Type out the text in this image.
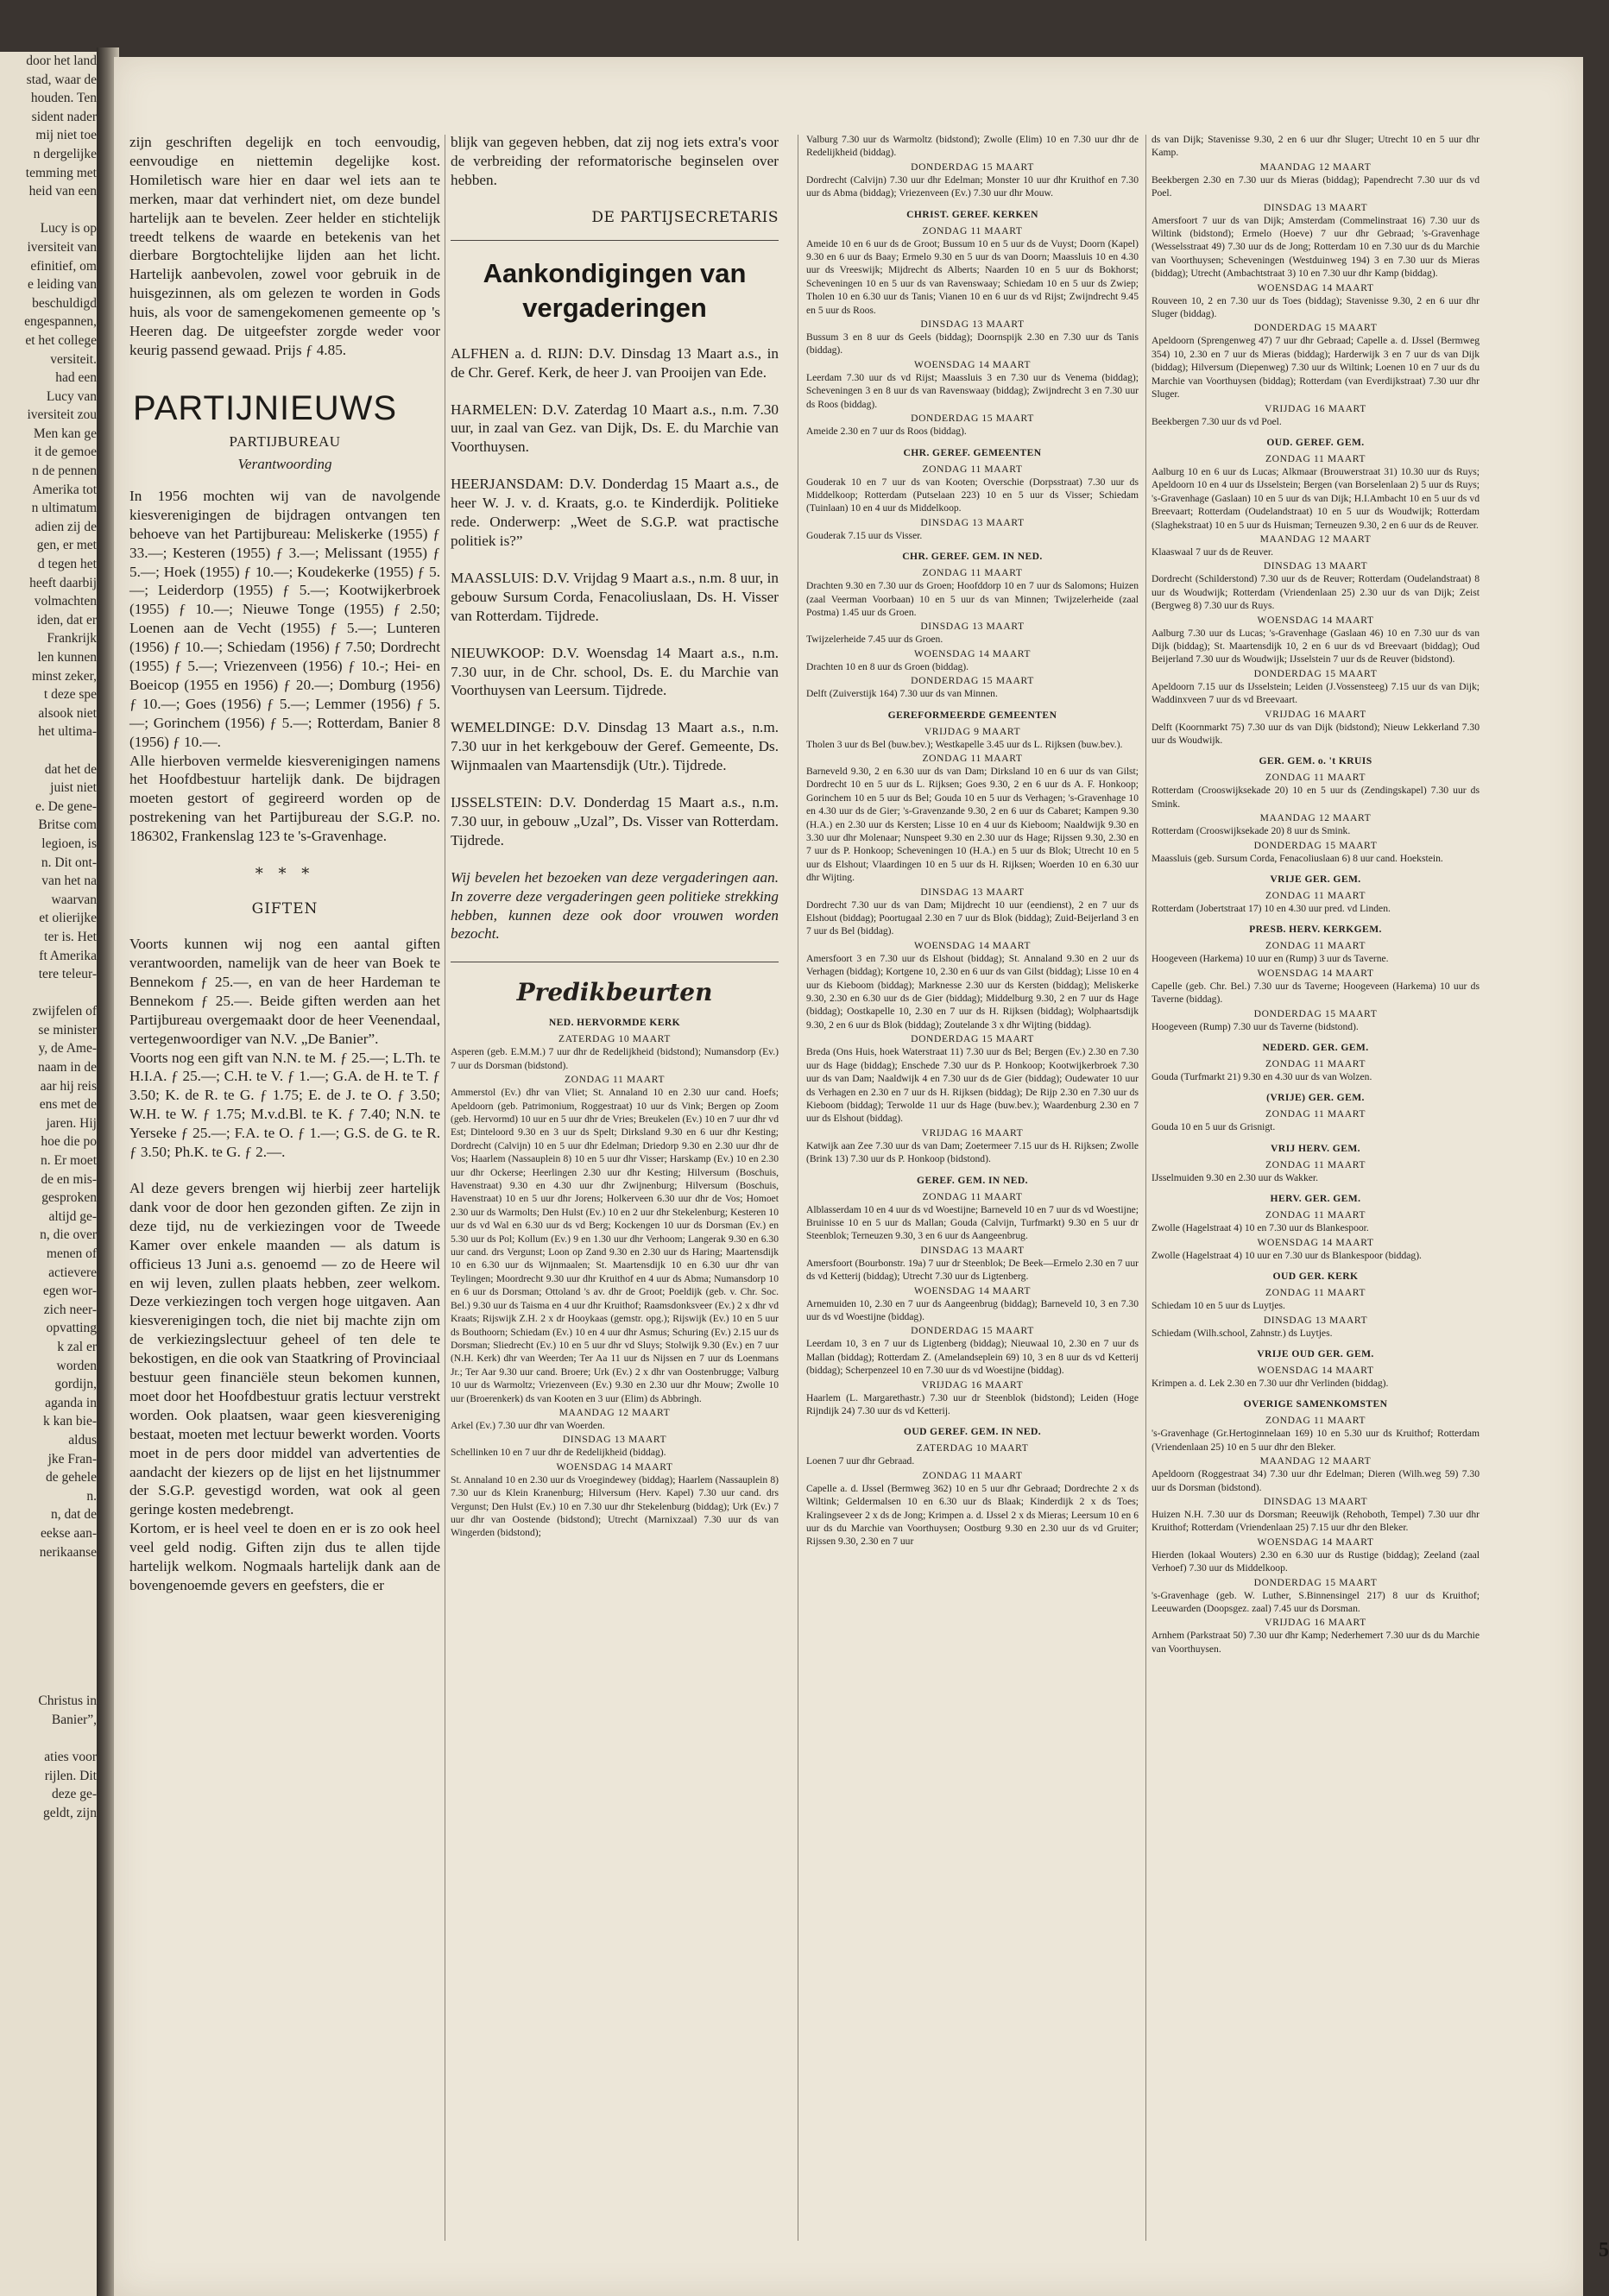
door het land
stad, waar de
houden. Ten
sident nader
mij niet toe
n dergelijke
temming met
heid van een

Lucy is op
iversiteit van
efinitief, om
e leiding van
beschuldigd
engespannen,
et het college
versiteit.
had een
Lucy van
iversiteit zou
Men kan ge
it de gemoe
n de pennen
Amerika tot
n ultimatum
adien zij de
gen, er met
d tegen het
heeft daarbij
volmachten
iden, dat er
Frankrijk
len kunnen
minst zeker,
t deze spe
alsook niet
het ultima-

dat het de
juist niet
e. De gene-
Britse com
legioen, is
n. Dit ont-
van het na
waarvan
et olierijke
ter is. Het
ft Amerika
tere teleur-

zwijfelen of
se minister
y, de Ame-
naam in de
aar hij reis
ens met de
jaren. Hij
hoe die po
n. Er moet
de en mis-
gesproken
altijd ge-
n, die over
menen of
actievere
egen wor-
zich neer-
opvatting
k zal er
worden
gordijn,
aganda in
k kan bie-
aldus
jke Fran-
de gehele
n.
n, dat de
eekse aan-
nerikaanse

Christus in
Banier”,

aties voor
rijlen. Dit
deze ge-
geldt, zijn

zijn geschriften degelijk en toch eenvoudig, eenvoudige en niettemin degelijke kost. Homiletisch ware hier en daar wel iets aan te merken, maar dat verhindert niet, om deze bundel hartelijk aan te bevelen. Zeer helder en stichtelijk treedt telkens de waarde en betekenis van het dierbare Borgtochtelijke lijden aan het licht. Hartelijk aanbevolen, zowel voor gebruik in de huisgezinnen, als om gelezen te worden in Gods huis, als voor de samengekomenen gemeente op 's Heeren dag. De uitgeefster zorgde weder voor keurig passend gewaad. Prijs ƒ 4.85.

PARTIJNIEUWS
PARTIJBUREAU
Verantwoording

In 1956 mochten wij van de navolgende kiesverenigingen de bijdragen ontvangen ten behoeve van het Partijbureau: Meliskerke (1955) ƒ 33.—; Kesteren (1955) ƒ 3.—; Melissant (1955) ƒ 5.—; Hoek (1955) ƒ 10.—; Koudekerke (1955) ƒ 5.—; Leiderdorp (1955) ƒ 5.—; Kootwijkerbroek (1955) ƒ 10.—; Nieuwe Tonge (1955) ƒ 2.50; Loenen aan de Vecht (1955) ƒ 5.—; Lunteren (1956) ƒ 10.—; Schiedam (1956) ƒ 7.50; Dordrecht (1955) ƒ 5.—; Vriezenveen (1956) ƒ 10.-; Hei- en Boeicop (1955 en 1956) ƒ 20.—; Domburg (1956) ƒ 10.—; Goes (1956) ƒ 5.—; Lemmer (1956) ƒ 5.—; Gorinchem (1956) ƒ 5.—; Rotterdam, Banier 8 (1956) ƒ 10.—.

Alle hierboven vermelde kiesverenigingen namens het Hoofdbestuur hartelijk dank. De bijdragen moeten gestort of gegireerd worden op de postrekening van het Partijbureau der S.G.P. no. 186302, Frankenslag 123 te 's-Gravenhage.

* * *
GIFTEN

Voorts kunnen wij nog een aantal giften verantwoorden, namelijk van de heer van Boek te Bennekom ƒ 25.—, en van de heer Hardeman te Bennekom ƒ 25.—. Beide giften werden aan het Partijbureau overgemaakt door de heer Veenendaal, vertegenwoordiger van N.V. „De Banier”.

Voorts nog een gift van N.N. te M. ƒ 25.—; L.Th. te H.I.A. ƒ 25.—; C.H. te V. ƒ 1.—; G.A. de H. te T. ƒ 3.50; K. de R. te G. ƒ 1.75; E. de J. te O. ƒ 3.50; W.H. te W. ƒ 1.75; M.v.d.Bl. te K. ƒ 7.40; N.N. te Yerseke ƒ 25.—; F.A. te O. ƒ 1.—; G.S. de G. te R. ƒ 3.50; Ph.K. te G. ƒ 2.—.

Al deze gevers brengen wij hierbij zeer hartelijk dank voor de door hen gezonden giften. Ze zijn in deze tijd, nu de verkiezingen voor de Tweede Kamer over enkele maanden — als datum is officieus 13 Juni a.s. genoemd — zo de Heere wil en wij leven, zullen plaats hebben, zeer welkom. Deze verkiezingen toch vergen hoge uitgaven. Aan kiesverenigingen toch, die niet bij machte zijn om de verkiezingslectuur geheel of ten dele te bekostigen, en die ook van Staatkring of Provinciaal bestuur geen financiële steun bekomen kunnen, moet door het Hoofdbestuur gratis lectuur verstrekt worden. Ook plaatsen, waar geen kiesvereniging bestaat, moeten met lectuur bewerkt worden. Voorts moet in de pers door middel van advertenties de aandacht der kiezers op de lijst en het lijstnummer der S.G.P. gevestigd worden, wat ook al geen geringe kosten medebrengt.

Kortom, er is heel veel te doen en er is zo ook heel veel geld nodig. Giften zijn dus te allen tijde hartelijk welkom. Nogmaals hartelijk dank aan de bovengenoemde gevers en geefsters, die er

blijk van gegeven hebben, dat zij nog iets extra's voor de verbreiding der reformatorische beginselen over hebben.

DE PARTIJSECRETARIS
Aankondigingen van vergaderingen

ALFHEN a. d. RIJN: D.V. Dinsdag 13 Maart a.s., in de Chr. Geref. Kerk, de heer J. van Prooijen van Ede.

HARMELEN: D.V. Zaterdag 10 Maart a.s., n.m. 7.30 uur, in zaal van Gez. van Dijk, Ds. E. du Marchie van Voorthuysen.

HEERJANSDAM: D.V. Donderdag 15 Maart a.s., de heer W. J. v. d. Kraats, g.o. te Kinderdijk. Politieke rede. Onderwerp: „Weet de S.G.P. wat practische politiek is?”

MAASSLUIS: D.V. Vrijdag 9 Maart a.s., n.m. 8 uur, in gebouw Sursum Corda, Fenacoliuslaan, Ds. H. Visser van Rotterdam. Tijdrede.

NIEUWKOOP: D.V. Woensdag 14 Maart a.s., n.m. 7.30 uur, in de Chr. school, Ds. E. du Marchie van Voorthuysen van Leersum. Tijdrede.

WEMELDINGE: D.V. Dinsdag 13 Maart a.s., n.m. 7.30 uur in het kerkgebouw der Geref. Gemeente, Ds. Wijnmaalen van Maartensdijk (Utr.). Tijdrede.

IJSSELSTEIN: D.V. Donderdag 15 Maart a.s., n.m. 7.30 uur, in gebouw „Uzal”, Ds. Visser van Rotterdam. Tijdrede.

Wij bevelen het bezoeken van deze vergaderingen aan. In zoverre deze vergaderingen geen politieke strekking hebben, kunnen deze ook door vrouwen worden bezocht.

Predikbeurten
NED. HERVORMDE KERK
ZATERDAG 10 MAART

Asperen (geb. E.M.M.) 7 uur dhr de Redelijkheid (bidstond); Numansdorp (Ev.) 7 uur ds Dorsman (bidstond).

ZONDAG 11 MAART

Ammerstol (Ev.) dhr van Vliet; St. Annaland 10 en 2.30 uur cand. Hoefs; Apeldoorn (geb. Patrimonium, Roggestraat) 10 uur ds Vink; Bergen op Zoom (geb. Hervormd) 10 uur en 5 uur dhr de Vries; Breukelen (Ev.) 10 en 7 uur dhr vd Est; Dinteloord 9.30 en 3 uur ds Spelt; Dirksland 9.30 en 6 uur dhr Kesting; Dordrecht (Calvijn) 10 en 5 uur dhr Edelman; Driedorp 9.30 en 2.30 uur dhr de Vos; Haarlem (Nassauplein 8) 10 en 5 uur dhr Visser; Harskamp (Ev.) 10 en 2.30 uur dhr Ockerse; Heerlingen 2.30 uur dhr Kesting; Hilversum (Boschuis, Havenstraat) 9.30 en 4.30 uur dhr Zwijnenburg; Hilversum (Boschuis, Havenstraat) 10 en 5 uur dhr Jorens; Holkerveen 6.30 uur dhr de Vos; Homoet 2.30 uur ds Warmolts; Den Hulst (Ev.) 10 en 2 uur dhr Stekelenburg; Kesteren 10 uur ds vd Wal en 6.30 uur ds vd Berg; Kockengen 10 uur ds Dorsman (Ev.) en 5.30 uur ds Pol; Kollum (Ev.) 9 en 1.30 uur dhr Verhoom; Langerak 9.30 en 6.30 uur cand. drs Vergunst; Loon op Zand 9.30 en 2.30 uur ds Haring; Maartensdijk 10 en 6.30 uur ds Wijnmaalen; St. Maartensdijk 10 en 6.30 uur dhr van Teylingen; Moordrecht 9.30 uur dhr Kruithof en 4 uur ds Abma; Numansdorp 10 en 6 uur ds Dorsman; Ottoland 's av. dhr de Groot; Poeldijk (geb. v. Chr. Soc. Bel.) 9.30 uur ds Taisma en 4 uur dhr Kruithof; Raamsdonksveer (Ev.) 2 x dhr vd Kraats; Rijswijk Z.H. 2 x dr Hooykaas (gemstr. opg.); Rijswijk (Ev.) 10 en 5 uur ds Bouthoorn; Schiedam (Ev.) 10 en 4 uur dhr Asmus; Schuring (Ev.) 2.15 uur ds Dorsman; Sliedrecht (Ev.) 10 en 5 uur dhr vd Sluys; Stolwijk 9.30 (Ev.) en 7 uur (N.H. Kerk) dhr van Weerden; Ter Aa 11 uur ds Nijssen en 7 uur ds Loenmans Jr.; Ter Aar 9.30 uur cand. Broere; Urk (Ev.) 2 x dhr van Oostenbrugge; Valburg 10 uur ds Warmoltz; Vriezenveen (Ev.) 9.30 en 2.30 uur dhr Mouw; Zwolle 10 uur (Broerenkerk) ds van Kooten en 3 uur (Elim) ds Abbringh.

MAANDAG 12 MAART

Arkel (Ev.) 7.30 uur dhr van Woerden.

DINSDAG 13 MAART

Schellinken 10 en 7 uur dhr de Redelijkheid (biddag).

WOENSDAG 14 MAART

St. Annaland 10 en 2.30 uur ds Vroegindewey (biddag); Haarlem (Nassauplein 8) 7.30 uur ds Klein Kranenburg; Hilversum (Herv. Kapel) 7.30 uur cand. drs Vergunst; Den Hulst (Ev.) 10 en 7.30 uur dhr Stekelenburg (biddag); Urk (Ev.) 7 uur dhr van Oostende (bidstond); Utrecht (Marnixzaal) 7.30 uur ds van Wingerden (bidstond);

Valburg 7.30 uur ds Warmoltz (bidstond); Zwolle (Elim) 10 en 7.30 uur dhr de Redelijkheid (biddag).

DONDERDAG 15 MAART

Dordrecht (Calvijn) 7.30 uur dhr Edelman; Monster 10 uur dhr Kruithof en 7.30 uur ds Abma (biddag); Vriezenveen (Ev.) 7.30 uur dhr Mouw.

CHRIST. GEREF. KERKEN
ZONDAG 11 MAART

Ameide 10 en 6 uur ds de Groot; Bussum 10 en 5 uur ds de Vuyst; Doorn (Kapel) 9.30 en 6 uur ds Baay; Ermelo 9.30 en 5 uur ds van Doorn; Maassluis 10 en 4.30 uur ds Vreeswijk; Mijdrecht ds Alberts; Naarden 10 en 5 uur ds Bokhorst; Scheveningen 10 en 5 uur ds van Ravenswaay; Schiedam 10 en 5 uur ds Zwiep; Tholen 10 en 6.30 uur ds Tanis; Vianen 10 en 6 uur ds vd Rijst; Zwijndrecht 9.45 en 5 uur ds Roos.

DINSDAG 13 MAART

Bussum 3 en 8 uur ds Geels (biddag); Doornspijk 2.30 en 7.30 uur ds Tanis (biddag).

WOENSDAG 14 MAART

Leerdam 7.30 uur ds vd Rijst; Maassluis 3 en 7.30 uur ds Venema (biddag); Scheveningen 3 en 8 uur ds van Ravenswaay (biddag); Zwijndrecht 3 en 7.30 uur ds Roos (biddag).

DONDERDAG 15 MAART

Ameide 2.30 en 7 uur ds Roos (biddag).

CHR. GEREF. GEMEENTEN
ZONDAG 11 MAART

Gouderak 10 en 7 uur ds van Kooten; Overschie (Dorpsstraat) 7.30 uur ds Middelkoop; Rotterdam (Putselaan 223) 10 en 5 uur ds Visser; Schiedam (Tuinlaan) 10 en 4 uur ds Middelkoop.

DINSDAG 13 MAART

Gouderak 7.15 uur ds Visser.

CHR. GEREF. GEM. IN NED.
ZONDAG 11 MAART

Drachten 9.30 en 7.30 uur ds Groen; Hoofddorp 10 en 7 uur ds Salomons; Huizen (zaal Veerman Voorbaan) 10 en 5 uur ds van Minnen; Twijzelerheide (zaal Postma) 1.45 uur ds Groen.

DINSDAG 13 MAART

Twijzelerheide 7.45 uur ds Groen.

WOENSDAG 14 MAART

Drachten 10 en 8 uur ds Groen (biddag).

DONDERDAG 15 MAART

Delft (Zuiverstijk 164) 7.30 uur ds van Minnen.

GEREFORMEERDE GEMEENTEN
VRIJDAG 9 MAART

Tholen 3 uur ds Bel (buw.bev.); Westkapelle 3.45 uur ds L. Rijksen (buw.bev.).

ZONDAG 11 MAART

Barneveld 9.30, 2 en 6.30 uur ds van Dam; Dirksland 10 en 6 uur ds van Gilst; Dordrecht 10 en 5 uur ds L. Rijksen; Goes 9.30, 2 en 6 uur ds A. F. Honkoop; Gorinchem 10 en 5 uur ds Bel; Gouda 10 en 5 uur ds Verhagen; 's-Gravenhage 10 en 4.30 uur ds de Gier; 's-Gravenzande 9.30, 2 en 6 uur ds Cabaret; Kampen 9.30 (H.A.) en 2.30 uur ds Kersten; Lisse 10 en 4 uur ds Kieboom; Naaldwijk 9.30 en 3.30 uur dhr Molenaar; Nunspeet 9.30 en 2.30 uur ds Hage; Rijssen 9.30, 2.30 en 7 uur ds P. Honkoop; Scheveningen 10 (H.A.) en 5 uur ds Blok; Utrecht 10 en 5 uur ds Elshout; Vlaardingen 10 en 5 uur ds H. Rijksen; Woerden 10 en 6.30 uur dhr Wijting.

DINSDAG 13 MAART

Dordrecht 7.30 uur ds van Dam; Mijdrecht 10 uur (eendienst), 2 en 7 uur ds Elshout (biddag); Poortugaal 2.30 en 7 uur ds Blok (biddag); Zuid-Beijerland 3 en 7 uur ds Bel (biddag).

WOENSDAG 14 MAART

Amersfoort 3 en 7.30 uur ds Elshout (biddag); St. Annaland 9.30 en 2 uur ds Verhagen (biddag); Kortgene 10, 2.30 en 6 uur ds van Gilst (biddag); Lisse 10 en 4 uur ds Kieboom (biddag); Marknesse 2.30 uur ds Kersten (biddag); Meliskerke 9.30, 2.30 en 6.30 uur ds de Gier (biddag); Middelburg 9.30, 2 en 7 uur ds Hage (biddag); Oostkapelle 10, 2.30 en 7 uur ds H. Rijksen (biddag); Wolphaartsdijk 9.30, 2 en 6 uur ds Blok (biddag); Zoutelande 3 x dhr Wijting (biddag).

DONDERDAG 15 MAART

Breda (Ons Huis, hoek Waterstraat 11) 7.30 uur ds Bel; Bergen (Ev.) 2.30 en 7.30 uur ds Hage (biddag); Enschede 7.30 uur ds P. Honkoop; Kootwijkerbroek 7.30 uur ds van Dam; Naaldwijk 4 en 7.30 uur ds de Gier (biddag); Oudewater 10 uur ds Verhagen en 2.30 en 7 uur ds H. Rijksen (biddag); De Rijp 2.30 en 7.30 uur ds Kieboom (biddag); Terwolde 11 uur ds Hage (buw.bev.); Waardenburg 2.30 en 7 uur ds Elshout (biddag).

VRIJDAG 16 MAART

Katwijk aan Zee 7.30 uur ds van Dam; Zoetermeer 7.15 uur ds H. Rijksen; Zwolle (Brink 13) 7.30 uur ds P. Honkoop (bidstond).

GEREF. GEM. IN NED.
ZONDAG 11 MAART

Alblasserdam 10 en 4 uur ds vd Woestijne; Barneveld 10 en 7 uur ds vd Woestijne; Bruinisse 10 en 5 uur ds Mallan; Gouda (Calvijn, Turfmarkt) 9.30 en 5 uur dr Steenblok; Terneuzen 9.30, 3 en 6 uur ds Aangeenbrug.

DINSDAG 13 MAART

Amersfoort (Bourbonstr. 19a) 7 uur dr Steenblok; De Beek—Ermelo 2.30 en 7 uur ds vd Ketterij (biddag); Utrecht 7.30 uur ds Ligtenberg.

WOENSDAG 14 MAART

Arnemuiden 10, 2.30 en 7 uur ds Aangeenbrug (biddag); Barneveld 10, 3 en 7.30 uur ds vd Woestijne (biddag).

DONDERDAG 15 MAART

Leerdam 10, 3 en 7 uur ds Ligtenberg (biddag); Nieuwaal 10, 2.30 en 7 uur ds Mallan (biddag); Rotterdam Z. (Amelandseplein 69) 10, 3 en 8 uur ds vd Ketterij (biddag); Scherpenzeel 10 en 7.30 uur ds vd Woestijne (biddag).

VRIJDAG 16 MAART

Haarlem (L. Margarethastr.) 7.30 uur dr Steenblok (bidstond); Leiden (Hoge Rijndijk 24) 7.30 uur ds vd Ketterij.

OUD GEREF. GEM. IN NED.
ZATERDAG 10 MAART

Loenen 7 uur dhr Gebraad.

ZONDAG 11 MAART

Capelle a. d. IJssel (Bermweg 362) 10 en 5 uur dhr Gebraad; Dordrechte 2 x ds Wiltink; Geldermalsen 10 en 6.30 uur ds Blaak; Kinderdijk 2 x ds Toes; Kralingseveer 2 x ds de Jong; Krimpen a. d. IJssel 2 x ds Mieras; Leersum 10 en 6 uur ds du Marchie van Voorthuysen; Oostburg 9.30 en 2.30 uur ds vd Gruiter; Rijssen 9.30, 2.30 en 7 uur

ds van Dijk; Stavenisse 9.30, 2 en 6 uur dhr Sluger; Utrecht 10 en 5 uur dhr Kamp.

MAANDAG 12 MAART

Beekbergen 2.30 en 7.30 uur ds Mieras (biddag); Papendrecht 7.30 uur ds vd Poel.

DINSDAG 13 MAART

Amersfoort 7 uur ds van Dijk; Amsterdam (Commelinstraat 16) 7.30 uur ds Wiltink (bidstond); Ermelo (Hoeve) 7 uur dhr Gebraad; 's-Gravenhage (Wesselsstraat 49) 7.30 uur ds de Jong; Rotterdam 10 en 7.30 uur ds du Marchie van Voorthuysen; Scheveningen (Westduinweg 194) 3 en 7.30 uur ds Mieras (biddag); Utrecht (Ambachtstraat 3) 10 en 7.30 uur dhr Kamp (biddag).

WOENSDAG 14 MAART

Rouveen 10, 2 en 7.30 uur ds Toes (biddag); Stavenisse 9.30, 2 en 6 uur dhr Sluger (biddag).

DONDERDAG 15 MAART

Apeldoorn (Sprengenweg 47) 7 uur dhr Gebraad; Capelle a. d. IJssel (Bermweg 354) 10, 2.30 en 7 uur ds Mieras (biddag); Harderwijk 3 en 7 uur ds van Dijk (biddag); Hilversum (Diepenweg) 7.30 uur ds Wiltink; Loenen 10 en 7 uur ds du Marchie van Voorthuysen (biddag); Rotterdam (van Everdijkstraat) 7.30 uur dhr Sluger.

VRIJDAG 16 MAART

Beekbergen 7.30 uur ds vd Poel.

OUD. GEREF. GEM.
ZONDAG 11 MAART

Aalburg 10 en 6 uur ds Lucas; Alkmaar (Brouwerstraat 31) 10.30 uur ds Ruys; Apeldoorn 10 en 4 uur ds IJsselstein; Bergen (van Borselenlaan 2) 5 uur ds Ruys; 's-Gravenhage (Gaslaan) 10 en 5 uur ds van Dijk; H.I.Ambacht 10 en 5 uur ds vd Breevaart; Rotterdam (Oudelandstraat) 10 en 5 uur ds Woudwijk; Rotterdam (Slaghekstraat) 10 en 5 uur ds Huisman; Terneuzen 9.30, 2 en 6 uur ds de Reuver.

MAANDAG 12 MAART

Klaaswaal 7 uur ds de Reuver.

DINSDAG 13 MAART

Dordrecht (Schilderstond) 7.30 uur ds de Reuver; Rotterdam (Oudelandstraat) 8 uur ds Woudwijk; Rotterdam (Vriendenlaan 25) 2.30 uur ds van Dijk; Zeist (Bergweg 8) 7.30 uur ds Ruys.

WOENSDAG 14 MAART

Aalburg 7.30 uur ds Lucas; 's-Gravenhage (Gaslaan 46) 10 en 7.30 uur ds van Dijk (biddag); St. Maartensdijk 10, 2 en 6 uur ds vd Breevaart (biddag); Oud Beijerland 7.30 uur ds Woudwijk; IJsselstein 7 uur ds de Reuver (bidstond).

DONDERDAG 15 MAART

Apeldoorn 7.15 uur ds IJsselstein; Leiden (J.Vossensteeg) 7.15 uur ds van Dijk; Waddinxveen 7 uur ds vd Breevaart.

VRIJDAG 16 MAART

Delft (Koornmarkt 75) 7.30 uur ds van Dijk (bidstond); Nieuw Lekkerland 7.30 uur ds Woudwijk.

GER. GEM. o. 't KRUIS
ZONDAG 11 MAART

Rotterdam (Crooswijksekade 20) 10 en 5 uur ds (Zendingskapel) 7.30 uur ds Smink.

MAANDAG 12 MAART

Rotterdam (Crooswijksekade 20) 8 uur ds Smink.

DONDERDAG 15 MAART

Maassluis (geb. Sursum Corda, Fenacoliuslaan 6) 8 uur cand. Hoekstein.

VRIJE GER. GEM.
ZONDAG 11 MAART

Rotterdam (Jobertstraat 17) 10 en 4.30 uur pred. vd Linden.

PRESB. HERV. KERKGEM.
ZONDAG 11 MAART

Hoogeveen (Harkema) 10 uur en (Rump) 3 uur ds Taverne.

WOENSDAG 14 MAART

Capelle (geb. Chr. Bel.) 7.30 uur ds Taverne; Hoogeveen (Harkema) 10 uur ds Taverne (biddag).

DONDERDAG 15 MAART

Hoogeveen (Rump) 7.30 uur ds Taverne (bidstond).

NEDERD. GER. GEM.
ZONDAG 11 MAART

Gouda (Turfmarkt 21) 9.30 en 4.30 uur ds van Wolzen.

(VRIJE) GER. GEM.
ZONDAG 11 MAART

Gouda 10 en 5 uur ds Grisnigt.

VRIJ HERV. GEM.
ZONDAG 11 MAART

IJsselmuiden 9.30 en 2.30 uur ds Wakker.

HERV. GER. GEM.
ZONDAG 11 MAART

Zwolle (Hagelstraat 4) 10 en 7.30 uur ds Blankespoor.

WOENSDAG 14 MAART

Zwolle (Hagelstraat 4) 10 uur en 7.30 uur ds Blankespoor (biddag).

OUD GER. KERK
ZONDAG 11 MAART

Schiedam 10 en 5 uur ds Luytjes.

DINSDAG 13 MAART

Schiedam (Wilh.school, Zahnstr.) ds Luytjes.

VRIJE OUD GER. GEM.
WOENSDAG 14 MAART

Krimpen a. d. Lek 2.30 en 7.30 uur dhr Verlinden (biddag).

OVERIGE SAMENKOMSTEN
ZONDAG 11 MAART

's-Gravenhage (Gr.Hertoginnelaan 169) 10 en 5.30 uur ds Kruithof; Rotterdam (Vriendenlaan 25) 10 en 5 uur dhr den Bleker.

MAANDAG 12 MAART

Apeldoorn (Roggestraat 34) 7.30 uur dhr Edelman; Dieren (Wilh.weg 59) 7.30 uur ds Dorsman (bidstond).

DINSDAG 13 MAART

Huizen N.H. 7.30 uur ds Dorsman; Reeuwijk (Rehoboth, Tempel) 7.30 uur dhr Kruithof; Rotterdam (Vriendenlaan 25) 7.15 uur dhr den Bleker.

WOENSDAG 14 MAART

Hierden (lokaal Wouters) 2.30 en 6.30 uur ds Rustige (biddag); Zeeland (zaal Verhoef) 7.30 uur ds Middelkoop.

DONDERDAG 15 MAART

's-Gravenhage (geb. W. Luther, S.Binnensingel 217) 8 uur ds Kruithof; Leeuwarden (Doopsgez. zaal) 7.45 uur ds Dorsman.

VRIJDAG 16 MAART

Arnhem (Parkstraat 50) 7.30 uur dhr Kamp; Nederhemert 7.30 uur ds du Marchie van Voorthuysen.

5
